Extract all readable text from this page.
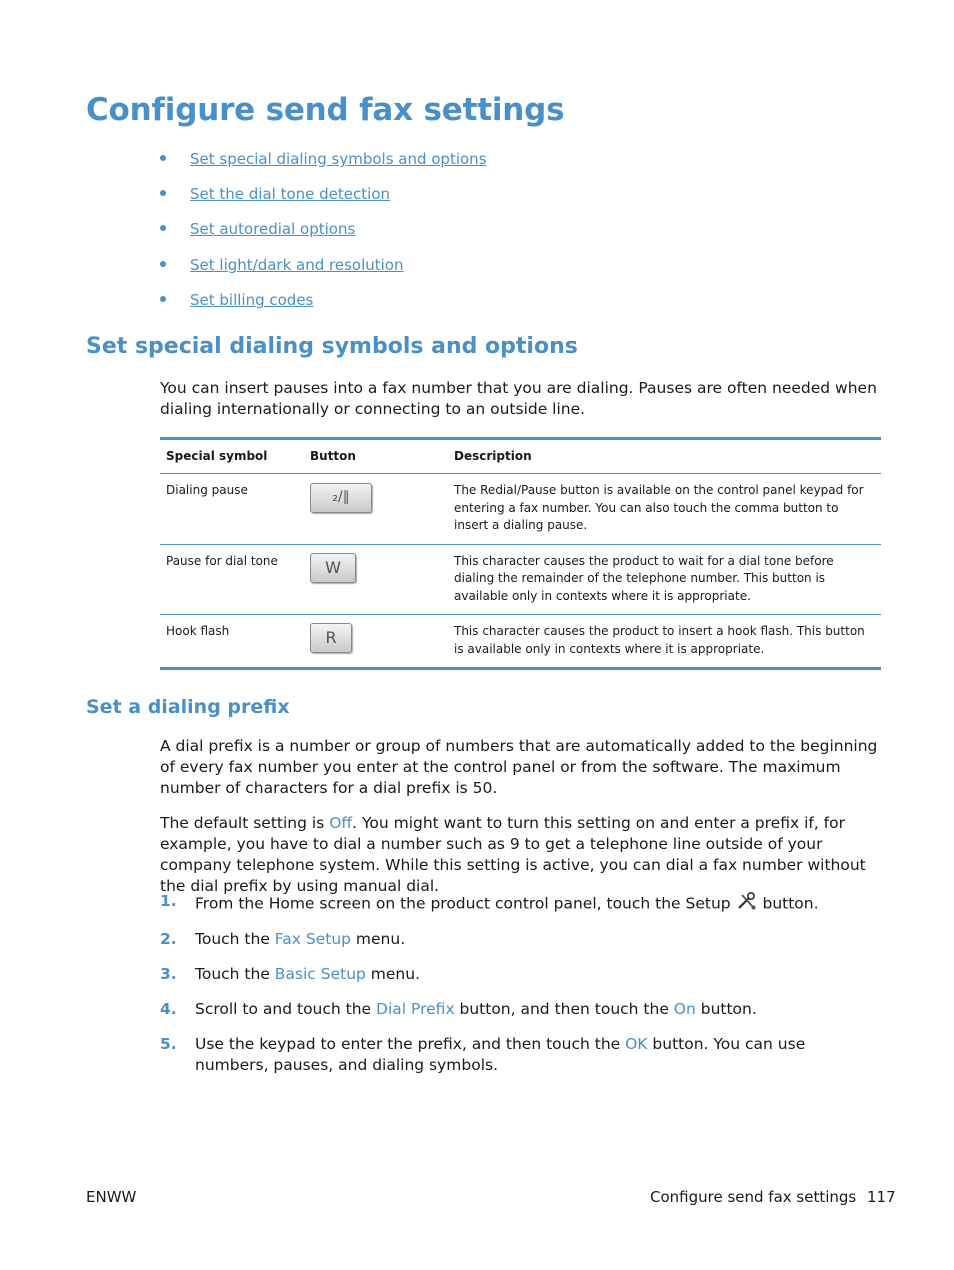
Configure send fax settings
Set special dialing symbols and options
Set the dial tone detection
Set autoredial options
Set light/dark and resolution
Set billing codes
Set special dialing symbols and options
You can insert pauses into a fax number that you are dialing. Pauses are often needed when dialing internationally or connecting to an outside line.
Special symbol	Button	Description
Dialing pause	₂/∥	The Redial/Pause button is available on the control panel keypad for entering a fax number. You can also touch the comma button to insert a dialing pause.
Pause for dial tone	W	This character causes the product to wait for a dial tone before dialing the remainder of the telephone number. This button is available only in contexts where it is appropriate.
Hook flash	R	This character causes the product to insert a hook flash. This button is available only in contexts where it is appropriate.
Set a dialing prefix
A dial prefix is a number or group of numbers that are automatically added to the beginning of every fax number you enter at the control panel or from the software. The maximum number of characters for a dial prefix is 50.
The default setting is Off. You might want to turn this setting on and enter a prefix if, for example, you have to dial a number such as 9 to get a telephone line outside of your company telephone system. While this setting is active, you can dial a fax number without the dial prefix by using manual dial.
1. From the Home screen on the product control panel, touch the Setup  button.
2. Touch the Fax Setup menu.
3. Touch the Basic Setup menu.
4. Scroll to and touch the Dial Prefix button, and then touch the On button.
5. Use the keypad to enter the prefix, and then touch the OK button. You can use numbers, pauses, and dialing symbols.
ENWW	Configure send fax settings 117
